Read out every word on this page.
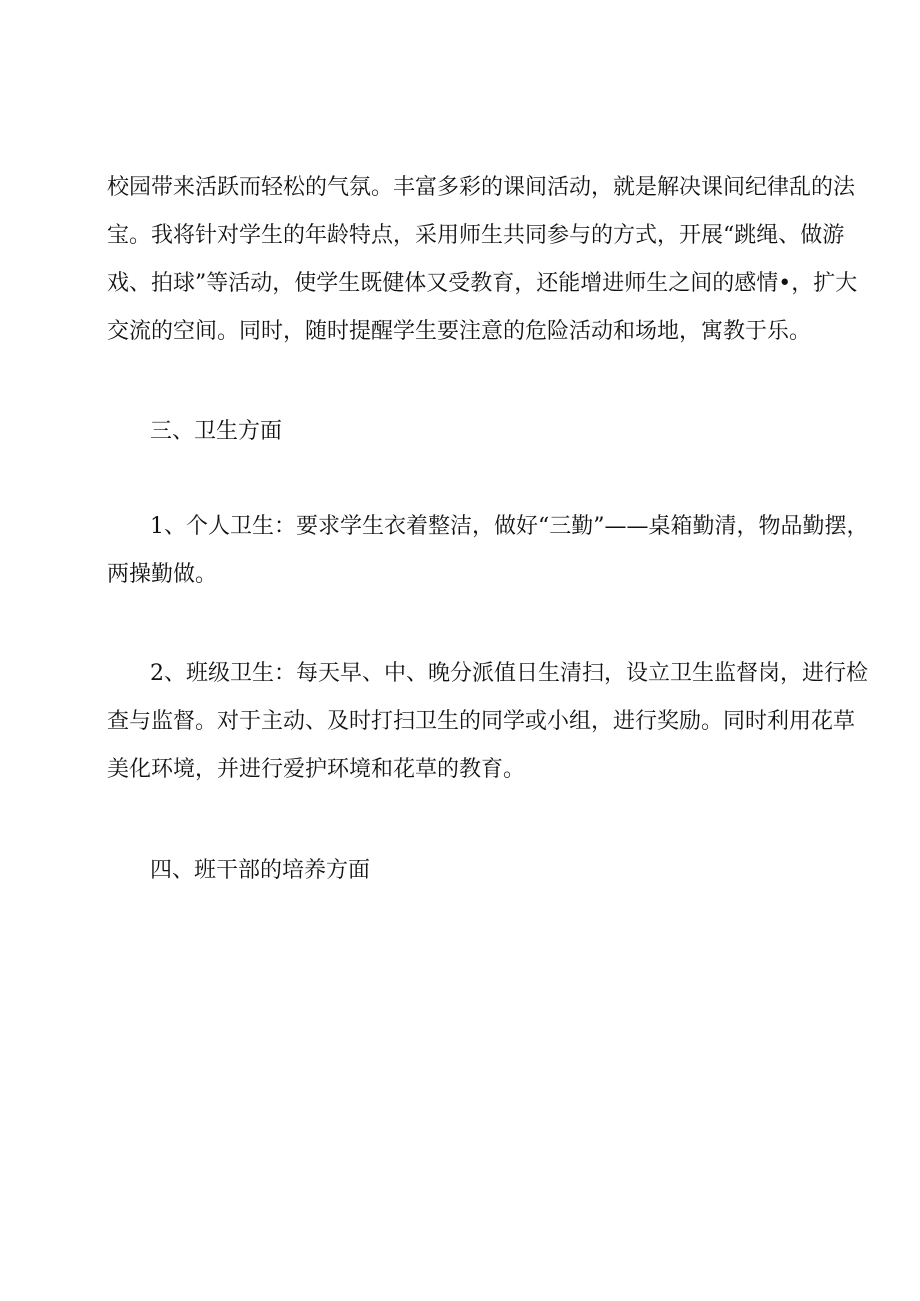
校园带来活跃而轻松的气氛。丰富多彩的课间活动，就是解决课间纪律乱的法
宝。我将针对学生的年龄特点，采用师生共同参与的方式，开展“跳绳、做游
戏、拍球”等活动，使学生既健体又受教育，还能增进师生之间的感情•，扩大
交流的空间。同时，随时提醒学生要注意的危险活动和场地，寓教于乐。
三、卫生方面
1、个人卫生：要求学生衣着整洁，做好“三勤”——桌箱勤清，物品勤摆，
两操勤做。
2、班级卫生：每天早、中、晚分派值日生清扫，设立卫生监督岗，进行检
查与监督。对于主动、及时打扫卫生的同学或小组，进行奖励。同时利用花草
美化环境，并进行爱护环境和花草的教育。
四、班干部的培养方面
